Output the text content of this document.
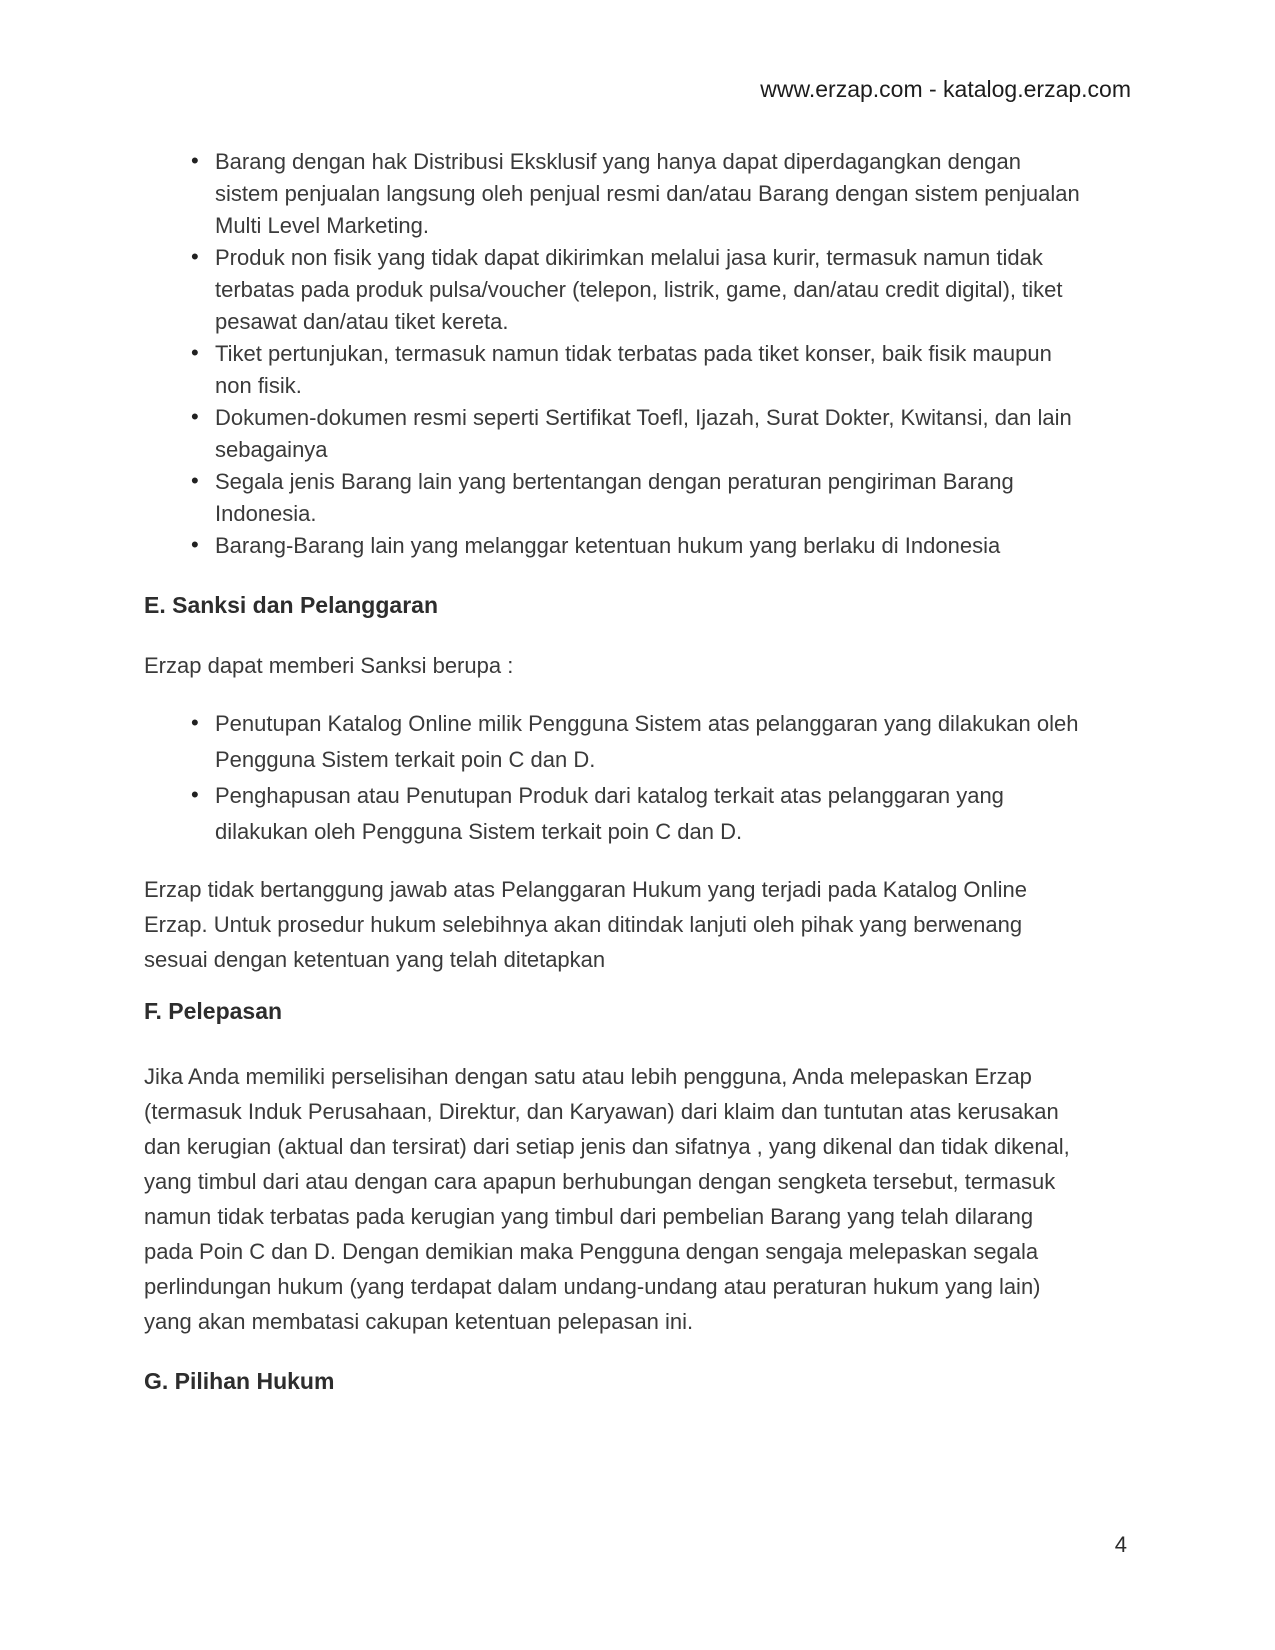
www.erzap.com - katalog.erzap.com
• Barang dengan hak Distribusi Eksklusif yang hanya dapat diperdagangkan dengan sistem penjualan langsung oleh penjual resmi dan/atau Barang dengan sistem penjualan Multi Level Marketing.
• Produk non fisik yang tidak dapat dikirimkan melalui jasa kurir, termasuk namun tidak terbatas pada produk pulsa/voucher (telepon, listrik, game, dan/atau credit digital), tiket pesawat dan/atau tiket kereta.
• Tiket pertunjukan, termasuk namun tidak terbatas pada tiket konser, baik fisik maupun non fisik.
• Dokumen-dokumen resmi seperti Sertifikat Toefl, Ijazah, Surat Dokter, Kwitansi, dan lain sebagainya
• Segala jenis Barang lain yang bertentangan dengan peraturan pengiriman Barang Indonesia.
• Barang-Barang lain yang melanggar ketentuan hukum yang berlaku di Indonesia
E. Sanksi dan Pelanggaran

Erzap dapat memberi Sanksi berupa :

• Penutupan Katalog Online milik Pengguna Sistem atas pelanggaran yang dilakukan oleh Pengguna Sistem terkait poin C dan D.
• Penghapusan atau Penutupan Produk dari katalog terkait atas pelanggaran yang dilakukan oleh Pengguna Sistem terkait poin C dan D.

Erzap tidak bertanggung jawab atas Pelanggaran Hukum yang terjadi pada Katalog Online Erzap. Untuk prosedur hukum selebihnya akan ditindak lanjuti oleh pihak yang berwenang sesuai dengan ketentuan yang telah ditetapkan

F. Pelepasan

Jika Anda memiliki perselisihan dengan satu atau lebih pengguna, Anda melepaskan Erzap (termasuk Induk Perusahaan, Direktur, dan Karyawan) dari klaim dan tuntutan atas kerusakan dan kerugian (aktual dan tersirat) dari setiap jenis dan sifatnya , yang dikenal dan tidak dikenal, yang timbul dari atau dengan cara apapun berhubungan dengan sengketa tersebut, termasuk namun tidak terbatas pada kerugian yang timbul dari pembelian Barang yang telah dilarang pada Poin C dan D. Dengan demikian maka Pengguna dengan sengaja melepaskan segala perlindungan hukum (yang terdapat dalam undang-undang atau peraturan hukum yang lain) yang akan membatasi cakupan ketentuan pelepasan ini.

G. Pilihan Hukum
4
